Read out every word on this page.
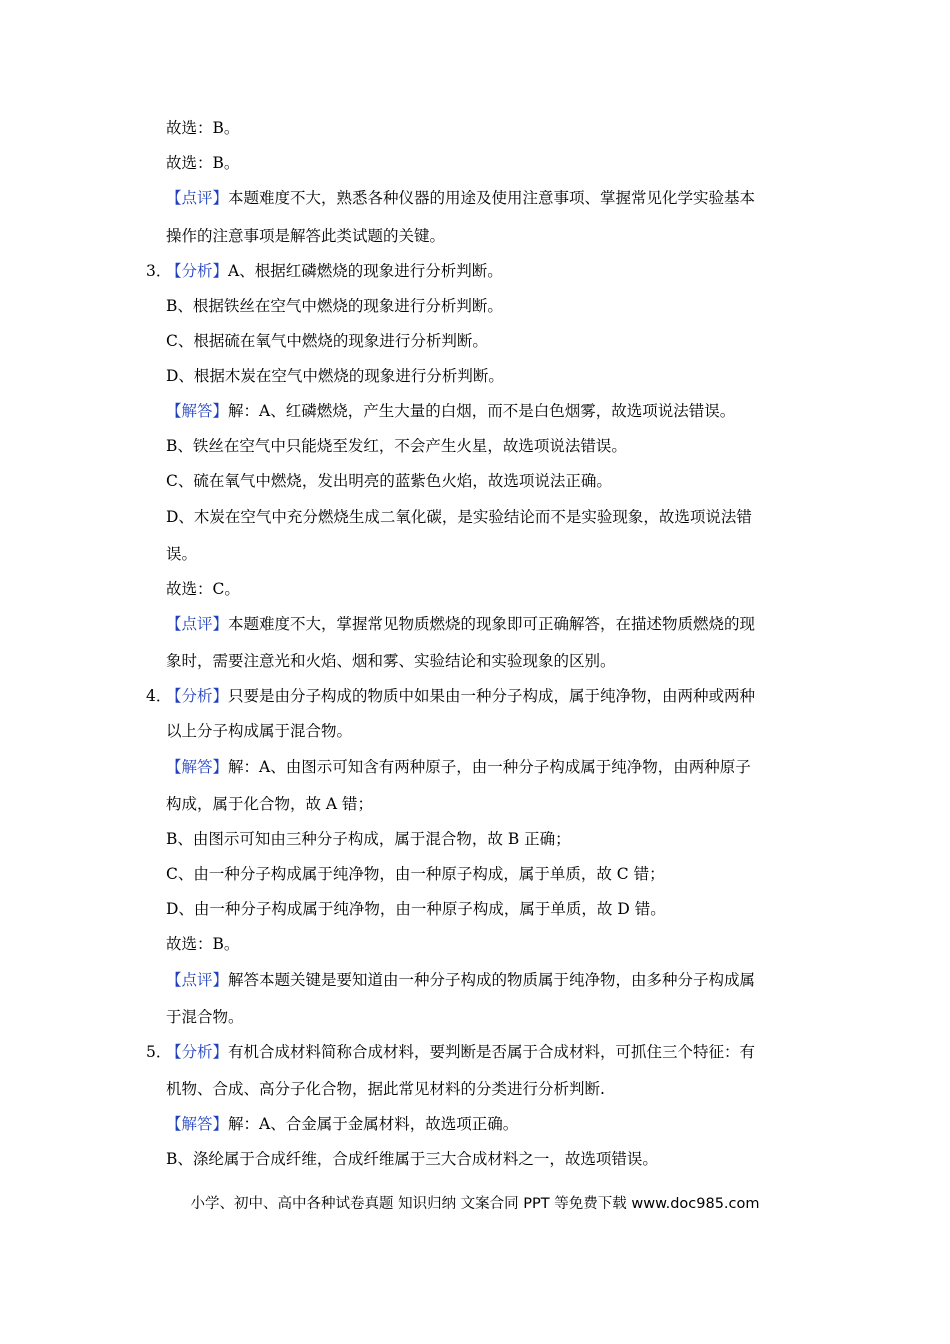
故选：B。
故选：B。
【点评】本题难度不大，熟悉各种仪器的用途及使用注意事项、掌握常见化学实验基本
操作的注意事项是解答此类试题的关键。
3．
【分析】A、根据红磷燃烧的现象进行分析判断。
B、根据铁丝在空气中燃烧的现象进行分析判断。
C、根据硫在氧气中燃烧的现象进行分析判断。
D、根据木炭在空气中燃烧的现象进行分析判断。
【解答】解：A、红磷燃烧，产生大量的白烟，而不是白色烟雾，故选项说法错误。
B、铁丝在空气中只能烧至发红，不会产生火星，故选项说法错误。
C、硫在氧气中燃烧，发出明亮的蓝紫色火焰，故选项说法正确。
D、木炭在空气中充分燃烧生成二氧化碳，是实验结论而不是实验现象，故选项说法错
误。
故选：C。
【点评】本题难度不大，掌握常见物质燃烧的现象即可正确解答，在描述物质燃烧的现
象时，需要注意光和火焰、烟和雾、实验结论和实验现象的区别。
4．
【分析】只要是由分子构成的物质中如果由一种分子构成，属于纯净物，由两种或两种
以上分子构成属于混合物。
【解答】解：A、由图示可知含有两种原子，由一种分子构成属于纯净物，由两种原子
构成，属于化合物，故 A 错；
B、由图示可知由三种分子构成，属于混合物，故 B 正确；
C、由一种分子构成属于纯净物，由一种原子构成，属于单质，故 C 错；
D、由一种分子构成属于纯净物，由一种原子构成，属于单质，故 D 错。
故选：B。
【点评】解答本题关键是要知道由一种分子构成的物质属于纯净物，由多种分子构成属
于混合物。
5．
【分析】有机合成材料简称合成材料，要判断是否属于合成材料，可抓住三个特征：有
机物、合成、高分子化合物，据此常见材料的分类进行分析判断.
【解答】解：A、合金属于金属材料，故选项正确。
B、涤纶属于合成纤维，合成纤维属于三大合成材料之一，故选项错误。
小学、初中、高中各种试卷真题 知识归纳 文案合同 PPT 等免费下载 www.doc985.com
